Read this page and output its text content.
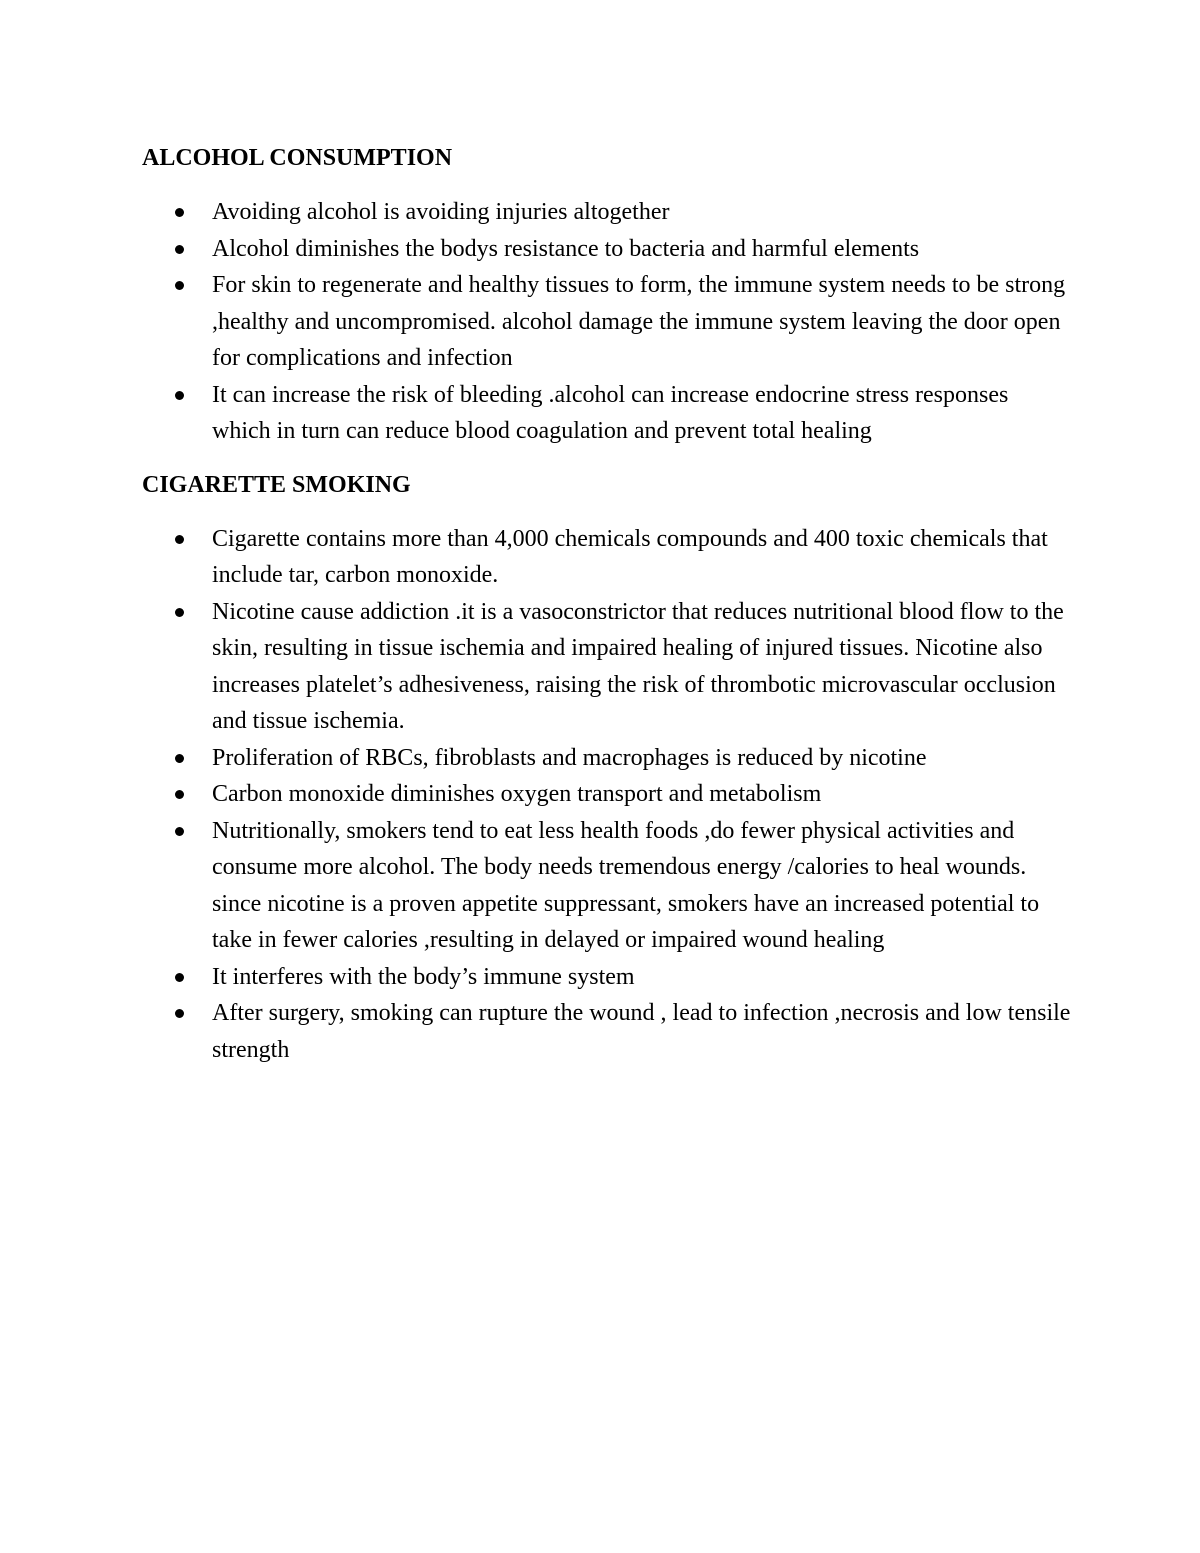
ALCOHOL CONSUMPTION
Avoiding alcohol is avoiding injuries altogether
Alcohol diminishes the bodys resistance to bacteria and harmful elements
For skin to regenerate and healthy tissues to form, the immune system needs to be strong ,healthy and uncompromised. alcohol damage the immune system leaving the door open for complications and infection
It can increase the risk of bleeding .alcohol can increase endocrine stress responses which in turn can reduce blood coagulation and prevent total healing
CIGARETTE SMOKING
Cigarette contains more than 4,000 chemicals compounds and 400 toxic chemicals that include tar, carbon monoxide.
Nicotine cause addiction .it is a vasoconstrictor that reduces nutritional blood flow to the skin, resulting in tissue ischemia and impaired healing of injured tissues. Nicotine also increases platelet’s adhesiveness, raising the risk of thrombotic microvascular occlusion and tissue ischemia.
Proliferation of RBCs, fibroblasts and macrophages is reduced by nicotine
Carbon monoxide diminishes oxygen transport and metabolism
Nutritionally, smokers tend to eat less health foods ,do fewer physical activities and consume more alcohol. The body needs tremendous energy /calories to heal wounds. since nicotine is a proven appetite suppressant, smokers have an increased potential to take in fewer calories ,resulting in delayed or impaired wound healing
It interferes with the body’s immune system
After surgery, smoking can rupture the wound , lead to infection ,necrosis and low tensile strength
